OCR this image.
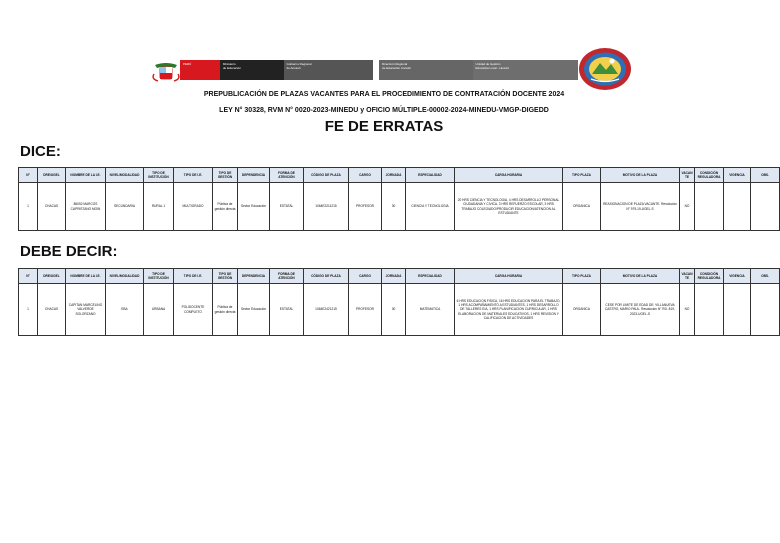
PERÚ	Ministerio
de Educación
Gobierno Regional
de Ancash
Dirección Regional
de Educación Ancash
Unidad de Gestión
Educativa Local - Huaraz
PREPUBLICACIÓN DE PLAZAS VACANTES PARA EL PROCEDIMIENTO DE CONTRATACIÓN DOCENTE 2024
LEY N° 30328, RVM N° 0020-2023-MINEDU y OFICIO MÚLTIPLE-00002-2024-MINEDU-VMGP-DIGEDD
FE DE ERRATAS
DICE:
N°	DRE/UGEL	NOMBRE DE LA I.E.	NIVEL/MODALIDAD	TIPO DE INSTITUCIÓN	TIPO DE I.E.	TIPO DE GESTIÓN	DEPENDENCIA	FORMA DE ATENCIÓN	CÓDIGO DE PLAZA	CARGO	JORNADA	ESPECIALIDAD	CARGA HORARIA	TIPO PLAZA	MOTIVO DE LA PLAZA	VACANTE	CONDICIÓN REGULADORA	VIGENCIA	OBS.
1	CHACAS	86052 MARCOS CAPRISTANO MOIN	SECUNDARIA	RURAL 1	MULTIGRADO	Pública de gestión directa	Sector Educación	ESTATAL	1064E2211215	PROFESOR	30	CIENCIA Y TECNOLOGIA	20 HRS CIENCIA Y TECNOLOGIA, 4 HRS DESARROLLO PERSONAL CIUDADANIA Y CIVICA, 3 HRS REFUERZO ESCOLAR, 3 HRS TRABAJO COLEGIADO/PRODUCIR EDUCACION/ATENCION AL ESTUDIANTE	ORGANICA	REASIGNACION DE PLAZA VACANTE. Resolución N° 979-19-UGEL-S	NO			
DEBE DECIR:
N°	DRE/UGEL	NOMBRE DE LA I.E.	NIVEL/MODALIDAD	TIPO DE INSTITUCIÓN	TIPO DE I.E.	TIPO DE GESTIÓN	DEPENDENCIA	FORMA DE ATENCIÓN	CÓDIGO DE PLAZA	CARGO	JORNADA	ESPECIALIDAD	CARGA HORARIA	TIPO PLAZA	MOTIVO DE LA PLAZA	VACANTE	CONDICIÓN REGULADORA	VIGENCIA	OBS.
1	CHACAS	CAPITAN MARCELINO VALVERDE SOLORZANO	EBA	URBANA	POLIDOCENTE COMPLETO	Pública de gestión directa	Sector Educación	ESTATAL	1064E2421215	PROFESOR	30	MATEMATICA	6 HRS EDUCACION FISICA, 16 HRS EDUCACION PARA EL TRABAJO, 1 HRS ACOMPAÑAMIENTO A ESTUDIANTES, 1 HRS DESARROLLO DE TALLERES EIA, 1 HRS PLANIFICACION CURRICULAR, 1 HRS ELABORACION DE MATERIALES EDUCATIVOS, 1 HRS REVISION Y CALIFICACION DE ACTIVIDADES	ORGANICA	CESE POR LIMITE DE EDAD DE: VILLANUEVA CASTRO, MARIO PAUL. Resolución N° RD. 819-2023-UGEL-S	NO			
